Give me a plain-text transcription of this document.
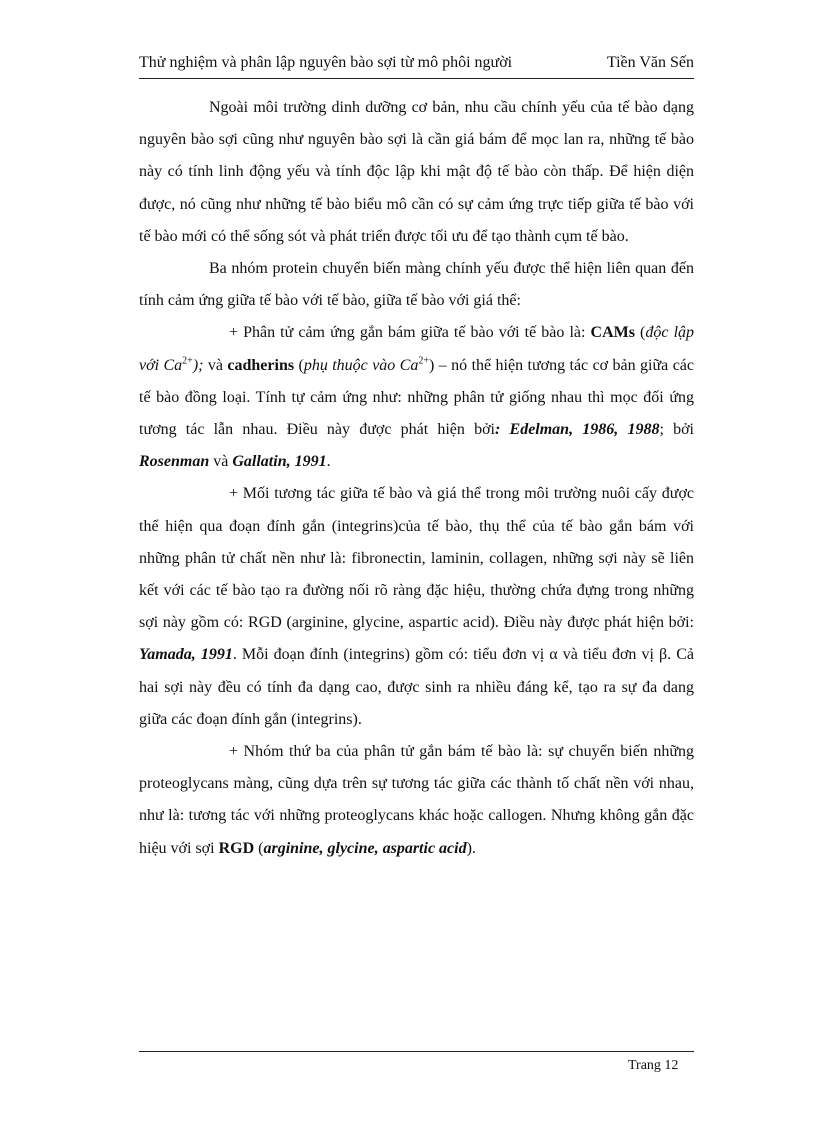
Thử nghiệm và phân lập nguyên bào sợi từ mô phôi người	Tiền Văn Sến

Ngoài môi trường dinh dưỡng cơ bản, nhu cầu chính yếu của tế bào dạng nguyên bào sợi cũng như nguyên bào sợi là cần giá bám để mọc lan ra, những tế bào này có tính linh động yếu và tính độc lập khi mật độ tế bào còn thấp. Để hiện diện được, nó cũng như những tế bào biểu mô cần có sự cảm ứng trực tiếp giữa tế bào với tế bào mới có thể sống sót và phát triển được tối ưu để tạo thành cụm tế bào.

Ba nhóm protein chuyển biến màng chính yếu được thể hiện liên quan đến tính cảm ứng giữa tế bào với tế bào, giữa tế bào với giá thể:

+ Phân tử cảm ứng gắn bám giữa tế bào với tế bào là: CAMs (độc lập với $Ca^{2+}$); và cadherins (phụ thuộc vào $Ca^{2+}$) – nó thể hiện tương tác cơ bản giữa các tế bào đồng loại. Tính tự cảm ứng như: những phân tử giống nhau thì mọc đối ứng tương tác lẫn nhau. Điều này được phát hiện bởi: Edelman, 1986, 1988; bởi Rosenman và Gallatin, 1991.

+ Mối tương tác giữa tế bào và giá thể trong môi trường nuôi cấy được thể hiện qua đoạn đính gắn (integrins)của tế bào, thụ thể của tế bào gắn bám với những phân tử chất nền như là: fibronectin, laminin, collagen, những sợi này sẽ liên kết với các tế bào tạo ra đường nối rõ ràng đặc hiệu, thường chứa đựng trong những sợi này gồm có: RGD (arginine, glycine, aspartic acid). Điều này được phát hiện bởi: Yamada, 1991. Mỗi đoạn đính (integrins) gồm có: tiểu đơn vị α và tiểu đơn vị β. Cả hai sợi này đều có tính đa dạng cao, được sinh ra nhiều đáng kể, tạo ra sự đa dang giữa các đoạn đính gắn (integrins).

+ Nhóm thứ ba của phân tử gắn bám tế bào là: sự chuyển biến những proteoglycans màng, cũng dựa trên sự tương tác giữa các thành tố chất nền với nhau, như là: tương tác với những proteoglycans khác hoặc callogen. Nhưng không gắn đặc hiệu với sợi RGD (arginine, glycine, aspartic acid).

Trang 12
